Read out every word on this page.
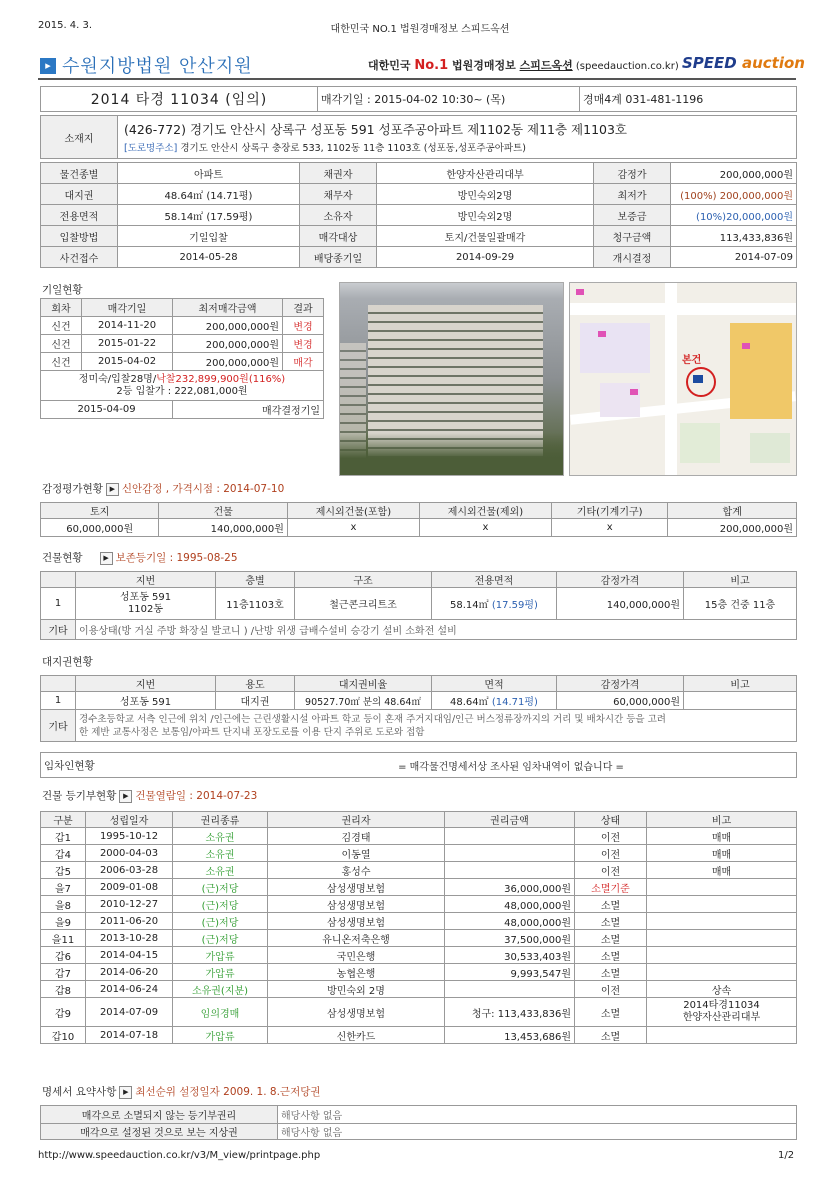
2015. 4. 3.	대한민국 NO.1 법원경매정보 스피드옥션
▸ 수원지방법원 안산지원	대한민국 No.1 법원경매정보 스피드옥션 (speedauction.co.kr) SPEED auction
2014 타경 11034 (임의)	매각기일 : 2015-04-02 10:30~ (목)	경매4계 031-481-1196
소재지	
(426-772) 경기도 안산시 상록구 성포동 591 성포주공아파트 제1102동 제11층 제1103호
[도로명주소] 경기도 안산시 상록구 충장로 533, 1102동 11층 1103호 (성포동,성포주공아파트)
물건종별	아파트	채권자	한양자산관리대부	감정가	200,000,000원
대지권	48.64㎡ (14.71평)	채무자	방민숙외2명	최저가	(100%) 200,000,000원
전용면적	58.14㎡ (17.59평)	소유자	방민숙외2명	보증금	(10%)20,000,000원
입찰방법	기일입찰	매각대상	토지/건물일괄매각	청구금액	113,433,836원
사건접수	2014-05-28	배당종기일	2014-09-29	개시결정	2014-07-09
기일현황
회차	매각기일	최저매각금액	결과
신건	2014-11-20	200,000,000원	변경
신건	2015-01-22	200,000,000원	변경
신건	2015-04-02	200,000,000원	매각
정미숙/입찰28명/낙찰232,899,900원(116%)
2등 입찰가 : 222,081,000원			
2015-04-09		매각결정기일	
본건
감정평가현황 ▶ 신안감정 , 가격시점 : 2014-07-10
토지	건물	제시외건물(포함)	제시외건물(제외)	기타(기계기구)	합계
60,000,000원	140,000,000원	x	x	x	200,000,000원
건물현황	▶ 보존등기일 : 1995-08-25
	지번	층별	구조	전용면적	감정가격	비고
1	성포동 591
1102동	11층1103호	철근콘크리트조	58.14㎡ (17.59평)	140,000,000원	15층 건중 11층
기타	이용상태(방 거실 주방 화장실 발코니 ) /난방 위생 급배수설비 승강기 설비 소화전 설비					
대지권현황
	지번	용도	대지권비율	면적	감정가격	비고
1	성포동 591	대지권	90527.70㎡ 분의 48.64㎡	48.64㎡ (14.71평)	60,000,000원	
기타	경수초등학교 서측 인근에 위치 /인근에는 근린생활시설 아파트 학교 등이 혼재 주거지대임/인근 버스정류장까지의 거리 및 배차시간 등을 고려
한 제반 교통사정은 보통임/아파트 단지내 포장도로를 이용 단지 주위로 도로와 접함					
임차인현황	= 매각물건명세서상 조사된 임차내역이 없습니다 =
건물 등기부현황 ▶ 건물열람일 : 2014-07-23
구분	성립일자	권리종류	권리자	권리금액	상태	비고
갑1	1995-10-12	소유권	김경태		이전	매매
갑4	2000-04-03	소유권	이동열		이전	매매
갑5	2006-03-28	소유권	홍성수		이전	매매
을7	2009-01-08	(근)저당	삼성생명보험	36,000,000원	소멸기준	
을8	2010-12-27	(근)저당	삼성생명보험	48,000,000원	소멸	
을9	2011-06-20	(근)저당	삼성생명보험	48,000,000원	소멸	
을11	2013-10-28	(근)저당	유니온저축은행	37,500,000원	소멸	
갑6	2014-04-15	가압류	국민은행	30,533,403원	소멸	
갑7	2014-06-20	가압류	농협은행	9,993,547원	소멸	
갑8	2014-06-24	소유권(지분)	방민숙외 2명		이전	상속
갑9	2014-07-09	임의경매	삼성생명보험	청구: 113,433,836원	소멸	2014타경11034
한양자산관리대부

갑10	2014-07-18	가압류	신한카드	13,453,686원	소멸	
명세서 요약사항 ▶ 최선순위 설정일자 2009. 1. 8.근저당권
매각으로 소멸되지 않는 등기부권리	해당사항 없음
매각으로 설정된 것으로 보는 지상권	해당사항 없음
http://www.speedauction.co.kr/v3/M_view/printpage.php	1/2
